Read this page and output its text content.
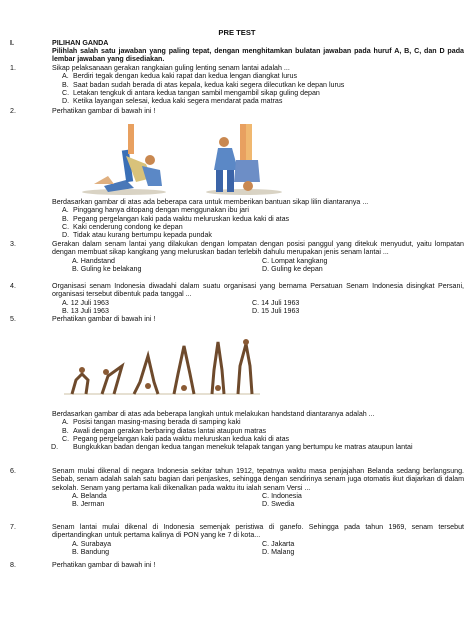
PRE TEST
I.	PILIHAN GANDA
Pilihlah salah satu jawaban yang paling tepat, dengan menghitamkan bulatan jawaban pada huruf A, B, C, dan D pada lembar jawaban yang disediakan.
1.	Sikap pelaksanaan gerakan rangkaian guling lenting senam lantai adalah ...
A. Berdiri tegak dengan kedua kaki rapat dan kedua lengan diangkat lurus
B. Saat badan sudah berada di atas kepala, kedua kaki segera dilecutkan ke depan lurus
C. Letakan tengkuk di antara kedua tangan sambil mengambil sikap guling depan
D. Ketika layangan selesai, kedua kaki segera mendarat pada matras
2.	Perhatikan gambar di bawah ini !
Berdasarkan gambar di atas ada beberapa cara untuk memberikan bantuan sikap lilin diantaranya ...
A. Pinggang hanya ditopang dengan menggunakan ibu jari
B. Pegang pergelangan kaki pada waktu meluruskan kedua kaki di atas
C. Kaki cenderung condong ke depan
D. Tidak atau kurang bertumpu kepada pundak
3.	Gerakan dalam senam lantai yang dilakukan dengan lompatan dengan posisi panggul yang ditekuk menyudut, yaitu lompatan dengan membuat sikap kangkang yang meluruskan badan terlebih dahulu merupakan jenis senam lantai ...
A. Handstand	C. Lompat kangkang
B. Guling ke belakang	D. Guling ke depan
4.	Organisasi senam Indonesia diwadahi dalam suatu organisasi yang bernama Persatuan Senam Indonesia disingkat Persani, organisasi tersebut dibentuk pada tanggal ...
A. 12 Juli 1963	C. 14 Juli 1963
B. 13 Juli 1963	D. 15 Juli 1963
5.	Perhatikan gambar di bawah ini !
Berdasarkan gambar di atas ada beberapa langkah untuk melakukan handstand diantaranya adalah ...
A. Posisi tangan masing-masing berada di samping kaki
B. Awali dengan gerakan berbaring diatas lantai ataupun matras
C. Pegang pergelangan kaki pada waktu meluruskan kedua kaki di atas
D. Bungkukkan badan dengan kedua tangan menekuk telapak tangan yang bertumpu ke matras ataupun lantai
6.	Senam mulai dikenal di negara Indonesia sekitar tahun 1912, tepatnya waktu masa penjajahan Belanda sedang berlangsung. Sebab, senam adalah salah satu bagian dari penjaskes, sehingga dengan sendirinya senam juga otomatis ikut diajarkan di dalam sekolah. Senam yang pertama kali dikenalkan pada waktu itu ialah senam Versi ...
A. Belanda	C. Indonesia
B. Jerman	D. Swedia
7.	Senam lantai mulai dikenal di Indonesia semenjak peristiwa di ganefo. Sehingga pada tahun 1969, senam tersebut dipertandingkan untuk pertama kalinya di PON yang ke 7 di kota...
A. Surabaya	C. Jakarta
B. Bandung	D. Malang
8.	Perhatikan gambar di bawah ini !
